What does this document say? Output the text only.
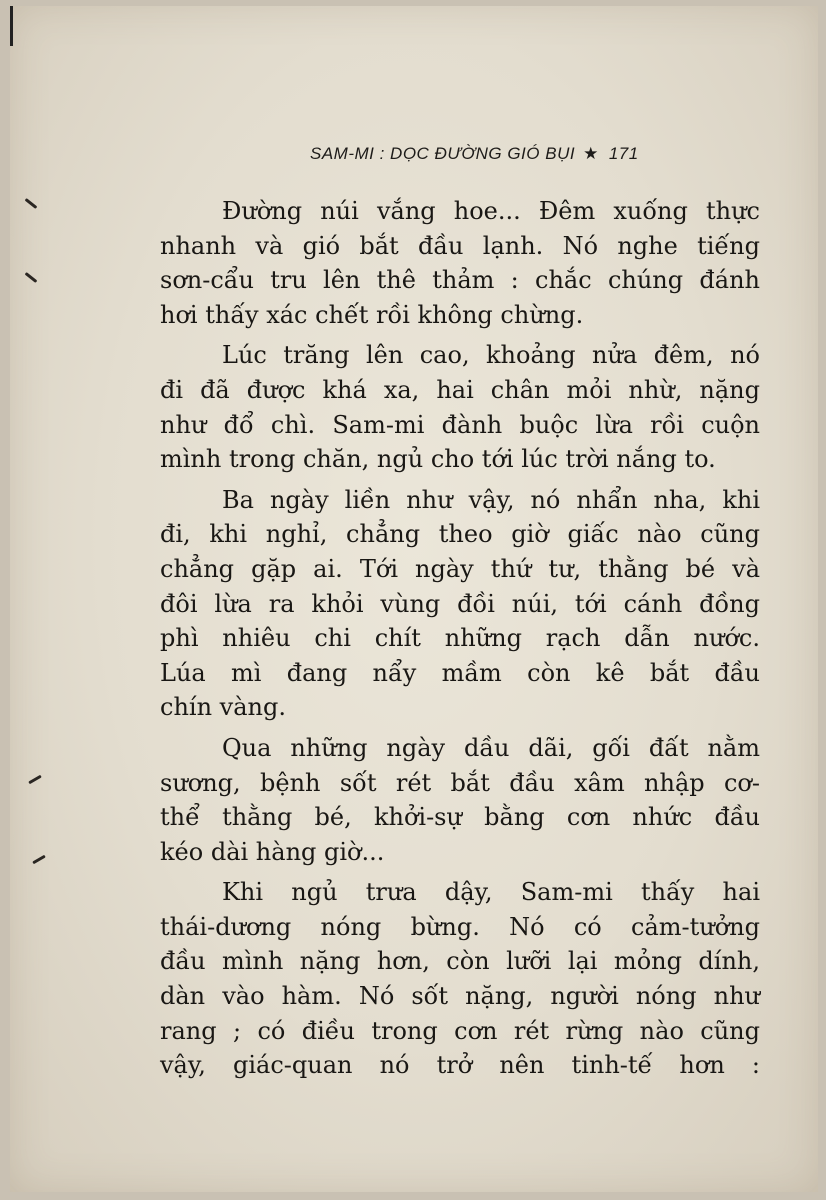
SAM-MI : DỌC ĐƯỜNG GIÓ BỤI ★ 171
Đường núi vắng hoe... Đêm xuống thực
nhanh và gió bắt đầu lạnh. Nó nghe tiếng
sơn-cẩu tru lên thê thảm : chắc chúng đánh
hơi thấy xác chết rồi không chừng.
Lúc trăng lên cao, khoảng nửa đêm, nó
đi đã được khá xa, hai chân mỏi nhừ, nặng
như đổ chì. Sam-mi đành buộc lừa rồi cuộn
mình trong chăn, ngủ cho tới lúc trời nắng to.
Ba ngày liền như vậy, nó nhẩn nha, khi
đi, khi nghỉ, chẳng theo giờ giấc nào cũng
chẳng gặp ai. Tới ngày thứ tư, thằng bé và
đôi lừa ra khỏi vùng đồi núi, tới cánh đồng
phì nhiêu chi chít những rạch dẫn nước.
Lúa mì đang nẩy mầm còn kê bắt đầu
chín vàng.
Qua những ngày dầu dãi, gối đất nằm
sương, bệnh sốt rét bắt đầu xâm nhập cơ-
thể thằng bé, khởi-sự bằng cơn nhức đầu
kéo dài hàng giờ...
Khi ngủ trưa dậy, Sam-mi thấy hai
thái-dương nóng bừng. Nó có cảm-tưởng
đầu mình nặng hơn, còn lưỡi lại mỏng dính,
dàn vào hàm. Nó sốt nặng, người nóng như
rang ; có điều trong cơn rét rừng nào cũng
vậy, giác-quan nó trở nên tinh-tế hơn :
